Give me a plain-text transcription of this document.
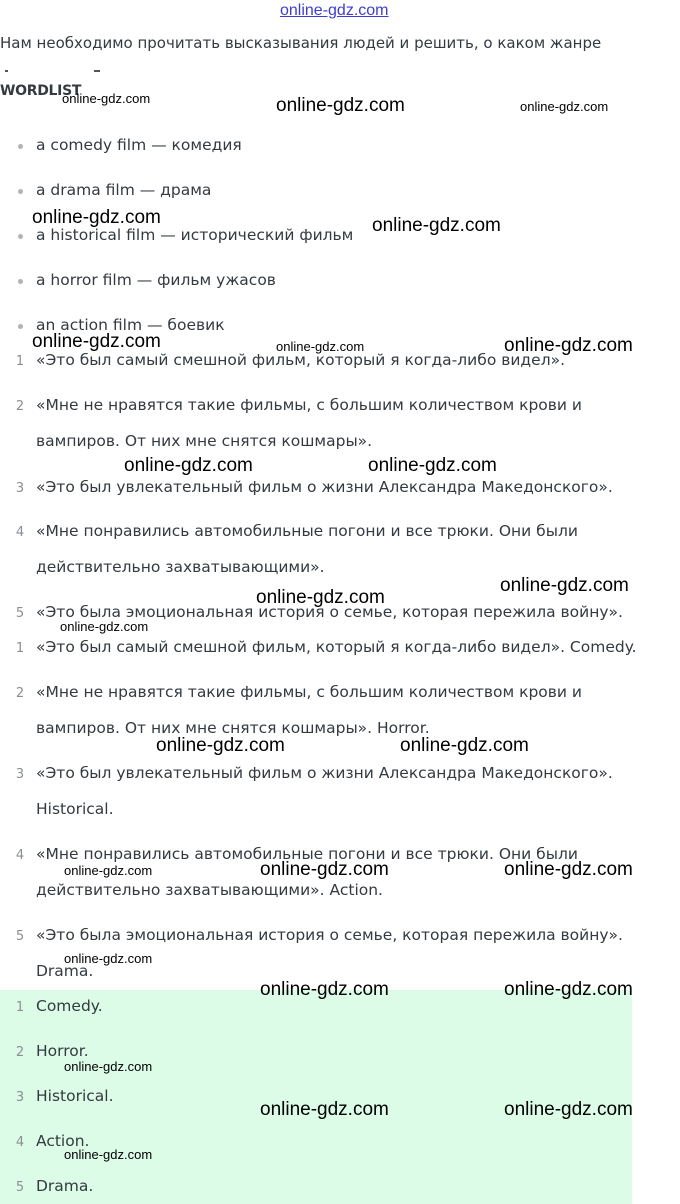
online-gdz.com
Нам необходимо прочитать высказывания людей и решить, о каком жанре
WORDLIST
a comedy film — комедия
a drama film — драма
a historical film — исторический фильм
a horror film — фильм ужасов
an action film — боевик
1 «Это был самый смешной фильм, который я когда-либо видел».
2 «Мне не нравятся такие фильмы, с большим количеством крови и
вампиров. От них мне снятся кошмары».
3 «Это был увлекательный фильм о жизни Александра Македонского».
4 «Мне понравились автомобильные погони и все трюки. Они были
действительно захватывающими».
5 «Это была эмоциональная история о семье, которая пережила войну».
1 «Это был самый смешной фильм, который я когда-либо видел». Comedy.
2 «Мне не нравятся такие фильмы, с большим количеством крови и
вампиров. От них мне снятся кошмары». Horror.
3 «Это был увлекательный фильм о жизни Александра Македонского».
Historical.
4 «Мне понравились автомобильные погони и все трюки. Они были
действительно захватывающими». Action.
5 «Это была эмоциональная история о семье, которая пережила войну».
Drama.
1 Comedy.
2 Horror.
3 Historical.
4 Action.
5 Drama.
online-gdz.com	online-gdz.com	online-gdz.com
online-gdz.com	online-gdz.com
online-gdz.com	online-gdz.com	online-gdz.com
online-gdz.com	online-gdz.com
online-gdz.com
online-gdz.com
online-gdz.com
online-gdz.com	online-gdz.com
online-gdz.com	online-gdz.com	online-gdz.com
online-gdz.com
online-gdz.com	online-gdz.com
online-gdz.com
online-gdz.com	online-gdz.com
online-gdz.com
